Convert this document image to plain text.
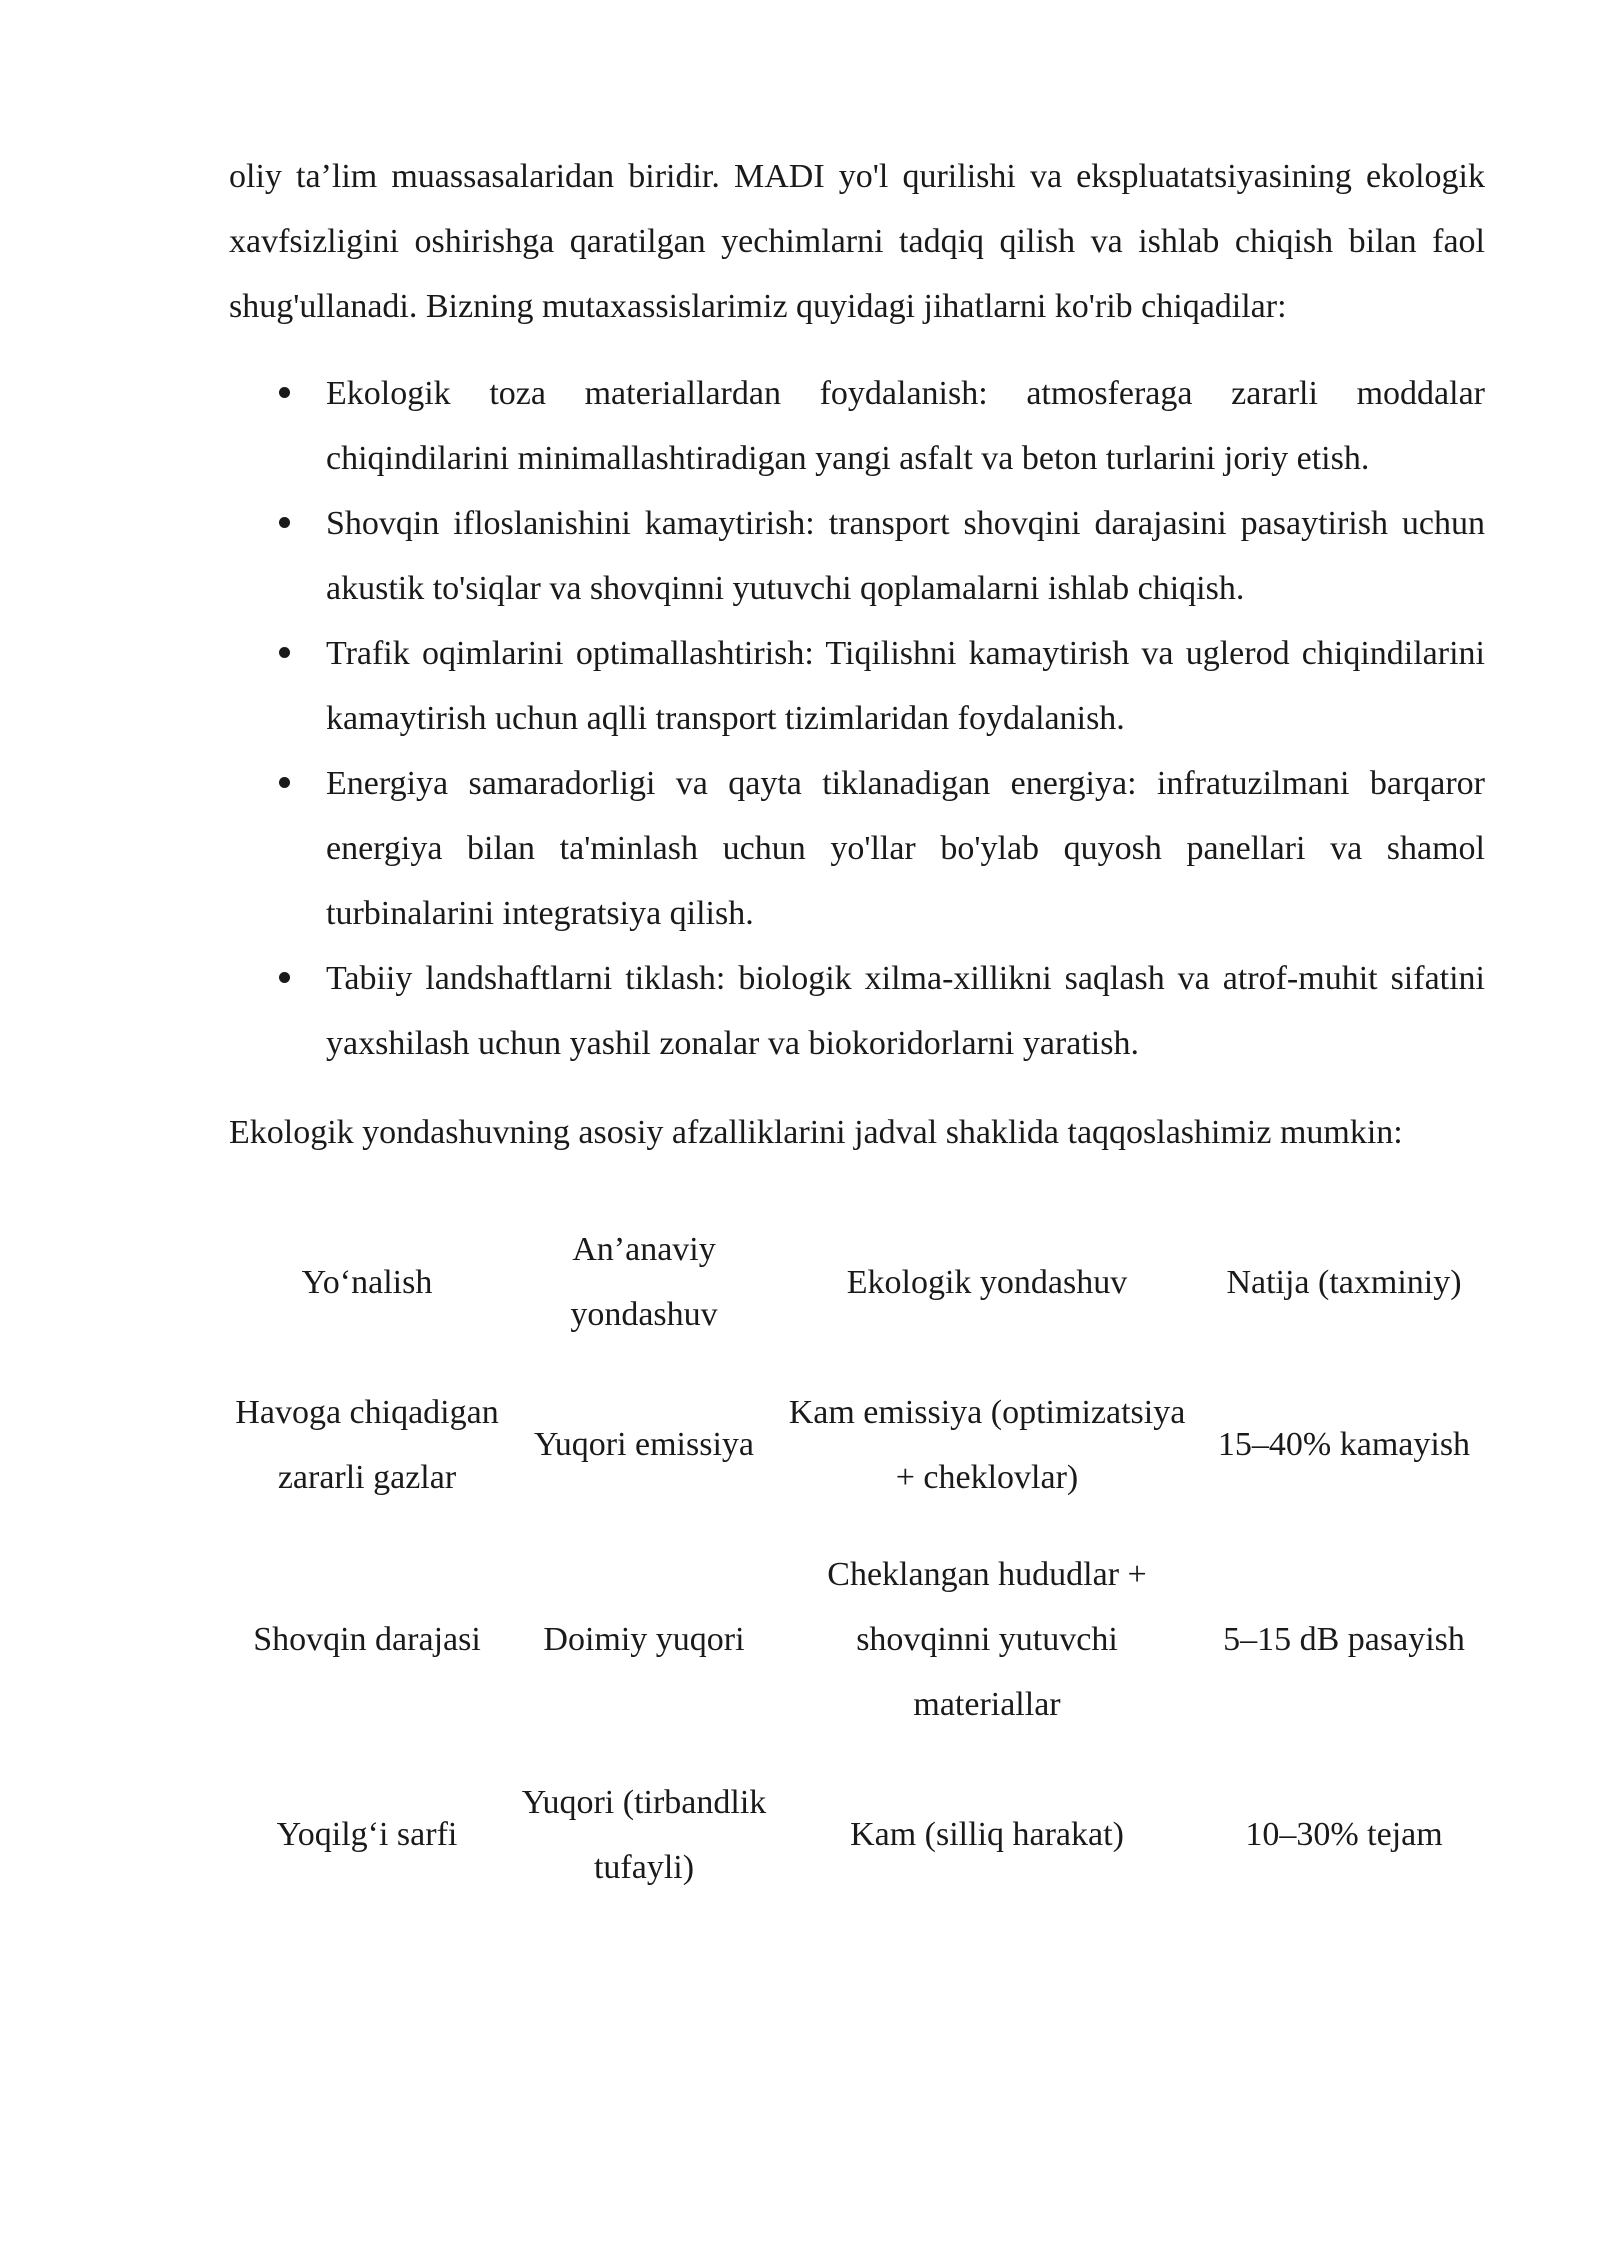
oliy ta’lim muassasalaridan biridir. MADI yo'l qurilishi va ekspluatatsiyasining ekologik xavfsizligini oshirishga qaratilgan yechimlarni tadqiq qilish va ishlab chiqish bilan faol shug'ullanadi. Bizning mutaxassislarimiz quyidagi jihatlarni ko'rib chiqadilar:

Ekologik toza materiallardan foydalanish: atmosferaga zararli moddalar chiqindilarini minimallashtiradigan yangi asfalt va beton turlarini joriy etish.
Shovqin ifloslanishini kamaytirish: transport shovqini darajasini pasaytirish uchun akustik to'siqlar va shovqinni yutuvchi qoplamalarni ishlab chiqish.
Trafik oqimlarini optimallashtirish: Tiqilishni kamaytirish va uglerod chiqindilarini kamaytirish uchun aqlli transport tizimlaridan foydalanish.
Energiya samaradorligi va qayta tiklanadigan energiya: infratuzilmani barqaror energiya bilan ta'minlash uchun yo'llar bo'ylab quyosh panellari va shamol turbinalarini integratsiya qilish.
Tabiiy landshaftlarni tiklash: biologik xilma-xillikni saqlash va atrof-muhit sifatini yaxshilash uchun yashil zonalar va biokoridorlarni yaratish.

Ekologik yondashuvning asosiy afzalliklarini jadval shaklida taqqoslashimiz mumkin:

Yo‘nalish	An’anaviy yondashuv	Ekologik yondashuv	Natija (taxminiy)
Havoga chiqadigan zararli gazlar	Yuqori emissiya	Kam emissiya (optimizatsiya + cheklovlar)	15–40% kamayish
Shovqin darajasi	Doimiy yuqori	Cheklangan hududlar + shovqinni yutuvchi materiallar	5–15 dB pasayish
Yoqilg‘i sarfi	Yuqori (tirbandlik tufayli)	Kam (silliq harakat)	10–30% tejam
